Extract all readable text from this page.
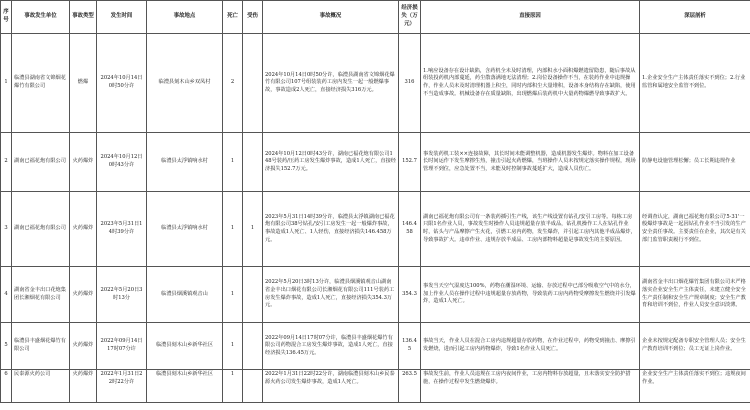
序号	事故发生单位	事故类型	发生时间	事故地点	死亡	受伤	事故概况	经济损失（万元）	直接原因	深层剖析
1	临澧县湖南省文锦烟花爆竹有限公司	燃爆	2024年10月14日0时50分许	临澧县刻木山乡双凤村	2		2024年10月14日0时50分许，临澧县湖南省文锦烟花爆竹有限公司107号组装装药工房内发生一起一般燃爆事故，事故造成2人死亡，直接经济损失316万元。	316	1.响应设备存在设计缺陷，含药机全未及时清理，内部积水小面积爆燃遗留隐患，随后事故从组装投药机内部蔓延，药尘散落满地无法清理；2.岗位设备操作不当，在装药作业中违规操作，作业人员未及时清理机器上积尘，同时内部积尘大量堆积，设备本身结构存在缺陷，使用不当造成事故。机械设备存在质量缺陷，出现燃爆后装药机中大量药物爆燃导致事故扩大。	1.企业安全生产主体责任落实不到位；2.行业监管和属地安全监管不到位。
2	湖南已福花炮有限公司	火药爆炸	2024年10月12日0时43分许	临澧县太浮镇响水村	1		2024年10月12日0时43分许，湖南已福花炮有限公司148号装药/压药工房发生爆炸事故，造成1人死亡，直接经济损失152.7万元。	152.7	事发装药机工装××连接故障，其长时间未能调整机器，造成机器发生爆炸。物料在加工设备长时间运作下发生摩擦生热，撞击引起火药燃爆，当班操作人员未按规定落实操作规程，现场管理不到位，应急处置不当，未能及时控制事故蔓延扩大，造成人员伤亡。	防静电设施管理松懈；员工长期违规作业
3	湖南已福花炮有限公司	火药爆炸	2023年5月31日14时39分许	临澧县太浮镇响水村	1	1	2023年5月31日14时39分许，临澧县太浮镇湖南已福花炮有限公司38号钻孔/安引工房发生一起一般爆炸事故，事故造成1人死亡、1人轻伤，直接经济损失146.458万元。	146.458	湖南已福花炮有限公司有一条装药插引生产线，该生产线设置有钻孔/安引工房等。每栋工房只限1名作业人员，事故发生时操作人员违规超量存放半成品，钻孔机操作工人在钻孔作业时，钻头与产品摩擦产生火花，引燃工房内药物，发生爆炸，并引起工房内其他半成品爆炸，导致事故扩大。违章作业、违规存放半成品、工房内部物料超量是事故发生的主要原因。	经调查认定，湖南已福花炮有限公司'5·31'一般爆炸事故是一起因钻孔作业不当引发的生产安全责任事故。主要责任在企业，其次是有关部门监管职责履行不到位。
4	湖南省金丰出口花炮集团长湘烟花有限公司	火药爆炸	2022年5月20日3时13分	临澧县烟溪镇观音山	1		2022年5月20日3时13分许，临澧县烟溪镇观音山湖南省金丰出口烟花有限公司长湘烟花有限公司111号装药工房发生爆炸事故，造成1人死亡，直接经济损失354.3万元。	354.3	事发当天空气湿度达100%，药物在潮湿环境、运输、存放过程中已部分吸收空气中的水分，加上作业人员在操作过程中违规超量存放药物，导致装药工房内药物受摩擦发生燃烧并引发爆炸，造成1人死亡。	湖南省金丰出口烟花爆竹集团有限公司未严格落实企业安全生产主体责任，未建立健全安全生产责任制和安全生产规章制度；安全生产教育和培训不到位，作业人员安全意识淡薄。
5	临澧县丰盛烟花爆竹有限公司	火药爆炸	2022年09月14日17时07分许	临澧县刻木山乡新华社区	1		2022年09月14日17时07分许，临澧县丰盛烟花爆竹有限公司药物混合工房发生爆炸事故，造成1人死亡，直接经济损失136.45万元。	136.45	事故当天，作业人员在混合工房内违规超量存放药物，在作业过程中，药物受到撞击、摩擦引发燃烧，进而引起工房内药物爆炸，导致1名作业人员死亡。	企业未按规定配备专职安全管理人员；安全生产教育培训不到位；员工无证上岗作业。
6	民泰源火药公司	火药爆炸	2022年1月31日22时22分许	临澧县刻木山乡新华社区	1		2022年1月31日22时22分许，湖南临澧县刻木山乡民泰源火药公司发生爆炸事故，造成1人死亡。	263.5	事故发生前，作业人员违规在工房内夜间作业，工房内物料存放超量，且未落实安全防护措施，在操作过程中发生燃烧爆炸。	企业安全生产主体责任落实不到位；违规夜间作业。
